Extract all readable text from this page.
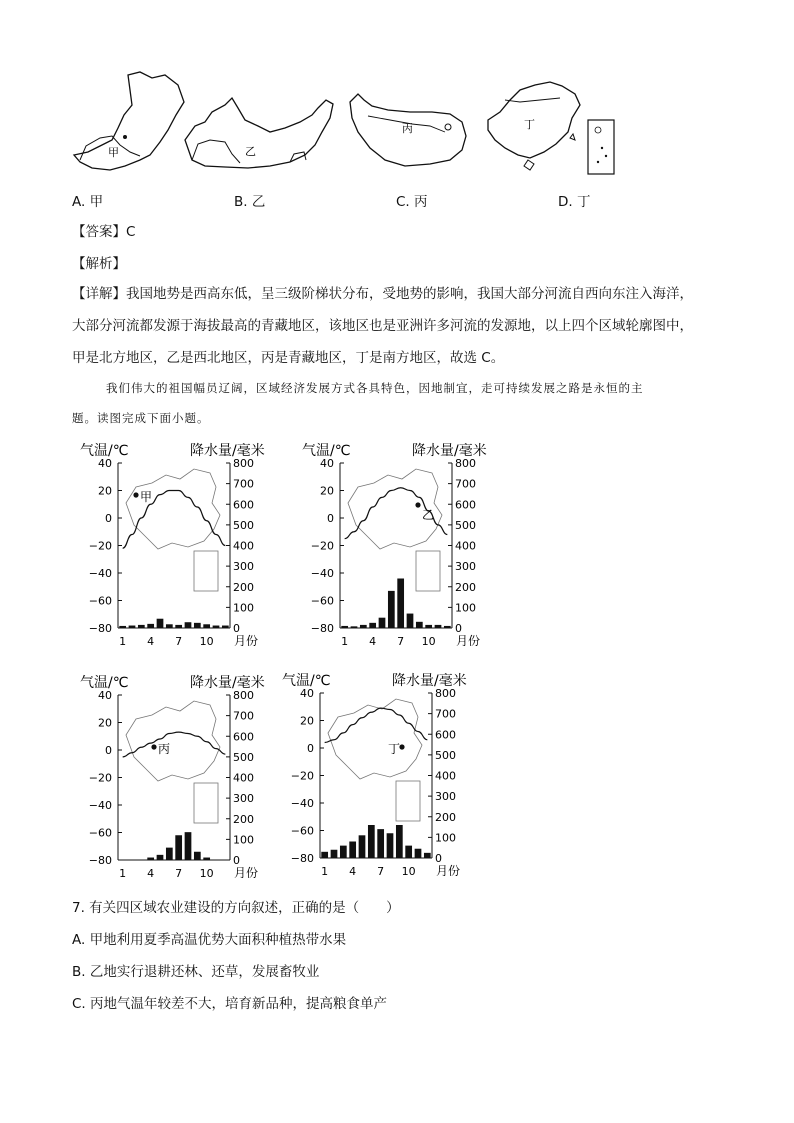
甲	乙
丙	丁
A. 甲	B. 乙	C. 丙	D. 丁
【答案】C
【解析】
【详解】我国地势是西高东低，呈三级阶梯状分布，受地势的影响，我国大部分河流自西向东注入海洋，
大部分河流都发源于海拔最高的青藏地区，该地区也是亚洲许多河流的发源地，以上四个区域轮廓图中，
甲是北方地区，乙是西北地区，丙是青藏地区，丁是南方地区，故选 C。
我们伟大的祖国幅员辽阔，区域经济发展方式各具特色，因地制宜，走可持续发展之路是永恒的主
题。读图完成下面小题。
气温/℃	降水量/毫米
40
20
0
−20
−40
−60
−80
800
700
600
500
400
300
200
100
0
1 4 7 10 月份
甲
气温/℃	降水量/毫米
40
20
0
−20
−40
−60
−80
800
700
600
500
400
300
200
100
0
1 4 7 10 月份
乙
气温/℃	降水量/毫米
40
20
0
−20
−40
−60
−80
800
700
600
500
400
300
200
100
0
1 4 7 10 月份
丙
气温/℃	降水量/毫米
40
20
0
−20
−40
−60
−80
800
700
600
500
400
300
200
100
0
1 4 7 10 月份
丁
7. 有关四区域农业建设的方向叙述，正确的是（　　）
A. 甲地利用夏季高温优势大面积种植热带水果
B. 乙地实行退耕还林、还草，发展畜牧业
C. 丙地气温年较差不大，培育新品种，提高粮食单产
